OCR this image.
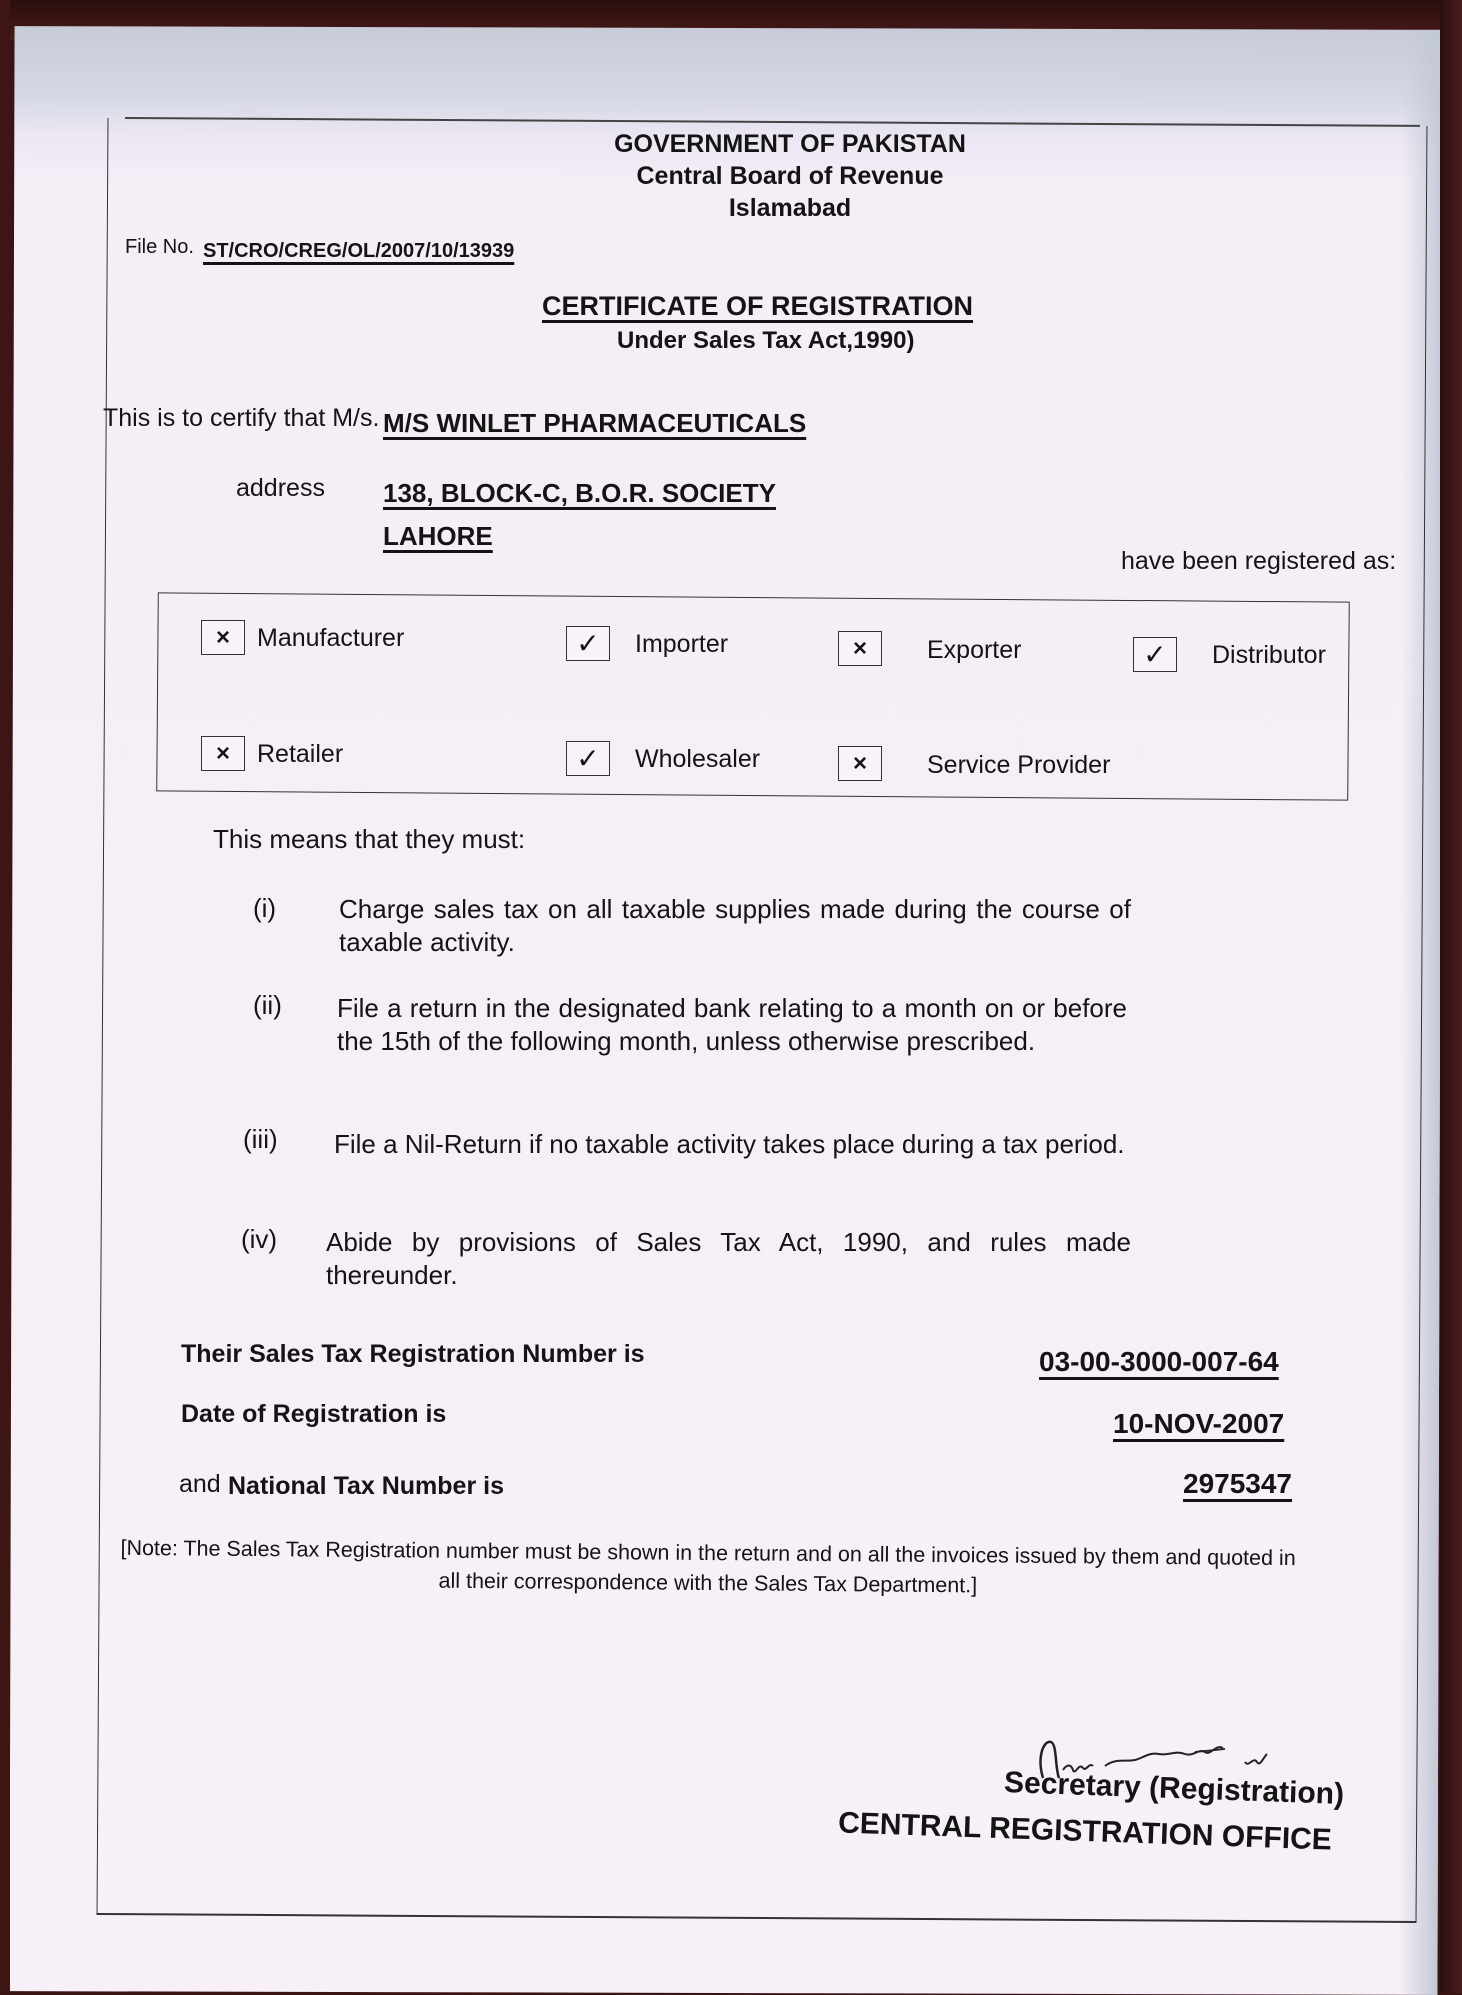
GOVERNMENT OF PAKISTAN
Central Board of Revenue
Islamabad
File No. ST/CRO/CREG/OL/2007/10/13939
CERTIFICATE OF REGISTRATION
Under Sales Tax Act,1990)
This is to certify that M/s. M/S WINLET PHARMACEUTICALS
address 138, BLOCK-C, B.O.R. SOCIETY
LAHORE
have been registered as:
×	Manufacturer	✓	Importer	×	Exporter	✓	Distributor
×	Retailer	✓	Wholesaler	×	Service Provider
This means that they must:
(i) Charge sales tax on all taxable supplies made during the course of taxable activity.
(ii) File a return in the designated bank relating to a month on or before the 15th of the following month, unless otherwise prescribed.
(iii) File a Nil-Return if no taxable activity takes place during a tax period.
(iv) Abide by provisions of Sales Tax Act, 1990, and rules made thereunder.
Their Sales Tax Registration Number is	03-00-3000-007-64
Date of Registration is	10-NOV-2007
and National Tax Number is	2975347
[Note: The Sales Tax Registration number must be shown in the return and on all the invoices issued by them and quoted in all their correspondence with the Sales Tax Department.]
Secretary (Registration)
CENTRAL REGISTRATION OFFICE
